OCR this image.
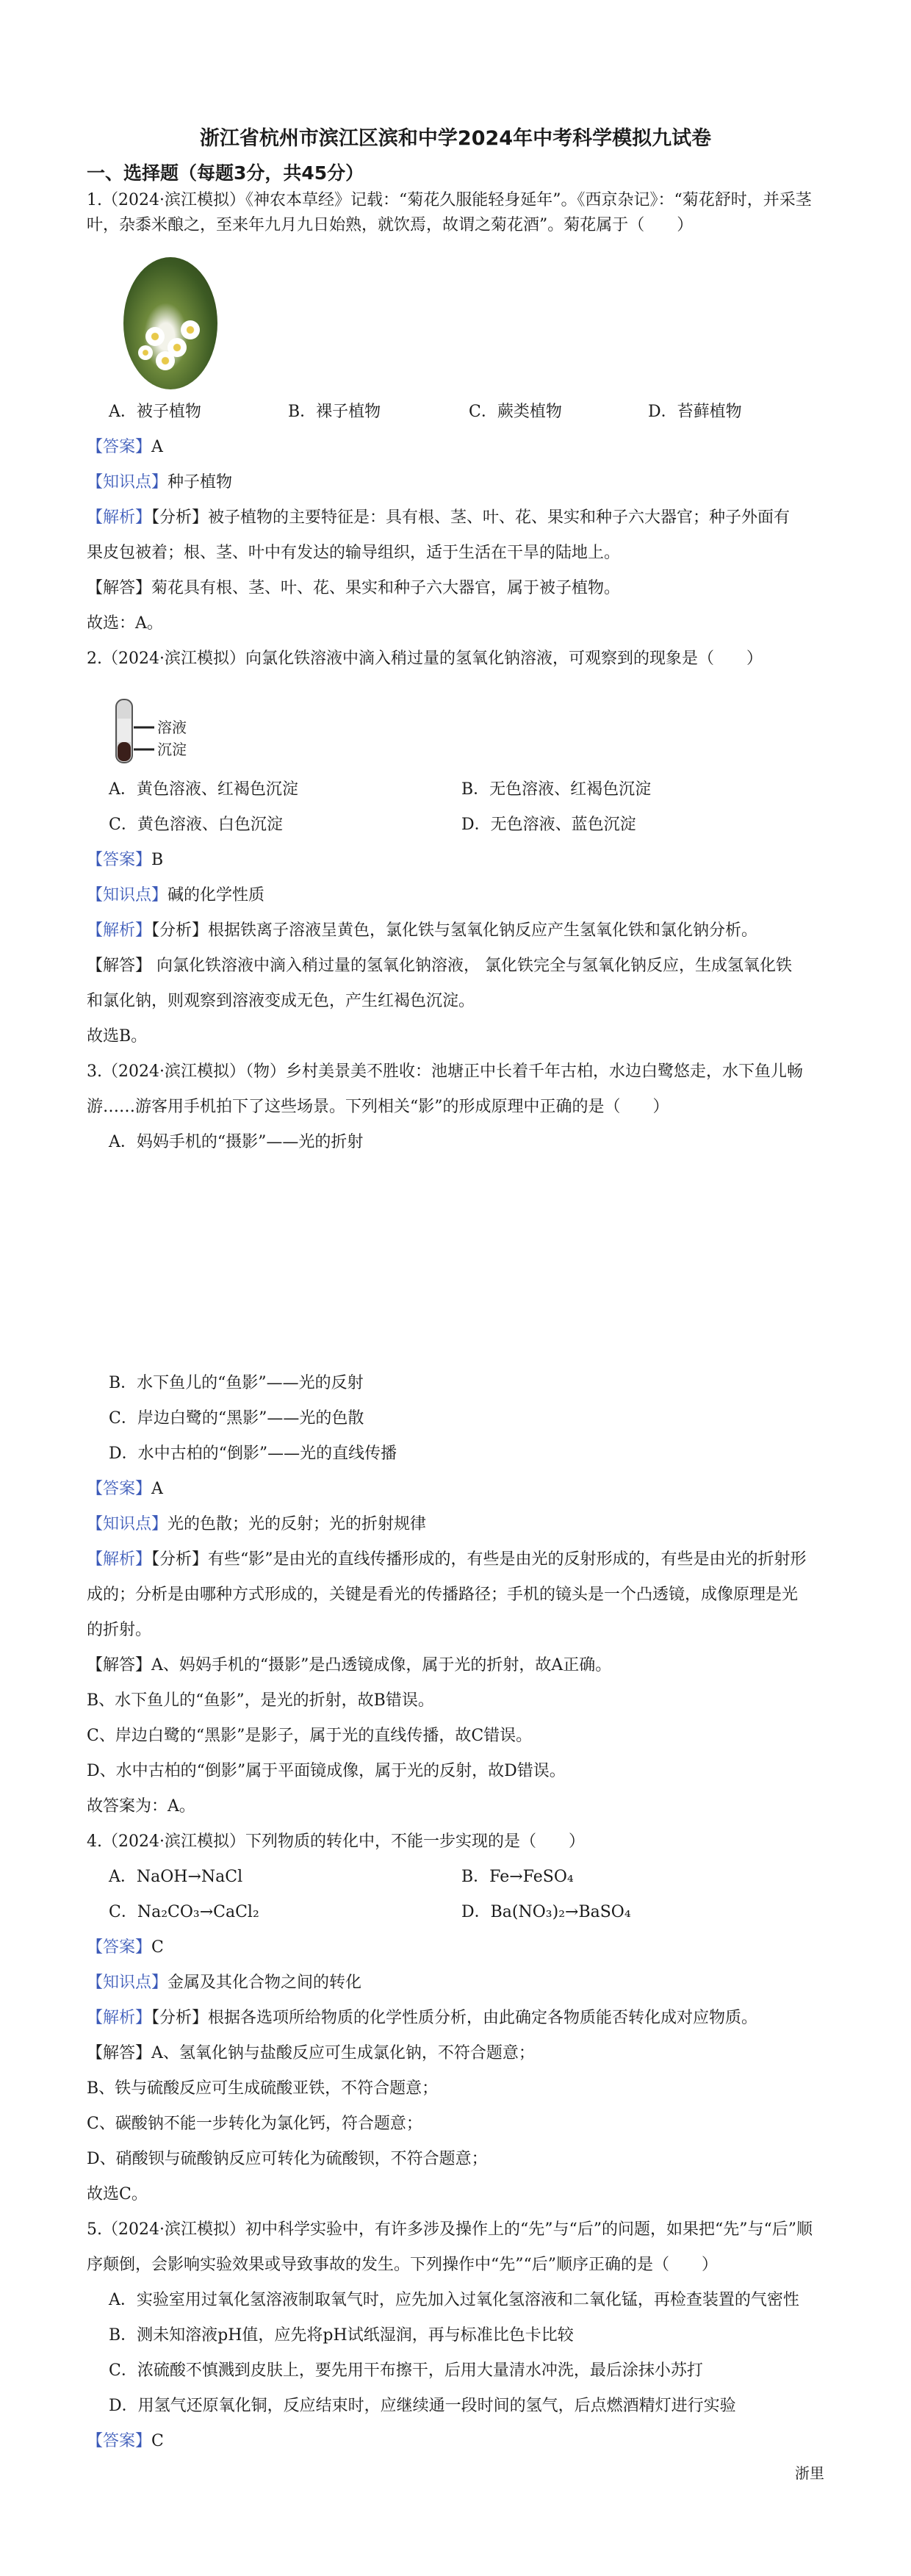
浙江省杭州市滨江区滨和中学2024年中考科学模拟九试卷
一、选择题（每题3分，共45分）
1.（2024·滨江模拟）《神农本草经》记载：“菊花久服能轻身延年”。《西京杂记》：“菊花舒时，并采茎
叶，杂黍米酿之，至来年九月九日始熟，就饮焉，故谓之菊花酒”。菊花属于（　　）
A．被子植物	B．裸子植物	C．蕨类植物	D．苔藓植物
【答案】A
【知识点】种子植物
【解析】【分析】被子植物的主要特征是：具有根、茎、叶、花、果实和种子六大器官；种子外面有
果皮包被着；根、茎、叶中有发达的输导组织，适于生活在干旱的陆地上。
【解答】菊花具有根、茎、叶、花、果实和种子六大器官，属于被子植物。
故选：A。
2.（2024·滨江模拟）向氯化铁溶液中滴入稍过量的氢氧化钠溶液，可观察到的现象是（　　）
溶液
沉淀
A．黄色溶液、红褐色沉淀	B．无色溶液、红褐色沉淀
C．黄色溶液、白色沉淀	D．无色溶液、蓝色沉淀
【答案】B
【知识点】碱的化学性质
【解析】【分析】根据铁离子溶液呈黄色，氯化铁与氢氧化钠反应产生氢氧化铁和氯化钠分析。
【解答】 向氯化铁溶液中滴入稍过量的氢氧化钠溶液， 氯化铁完全与氢氧化钠反应，生成氢氧化铁
和氯化钠，则观察到溶液变成无色，产生红褐色沉淀。
故选B。
3.（2024·滨江模拟）（物）乡村美景美不胜收：池塘正中长着千年古柏，水边白鹭悠走，水下鱼儿畅
游……游客用手机拍下了这些场景。下列相关“影”的形成原理中正确的是（　　）
A．妈妈手机的“摄影”——光的折射
B．水下鱼儿的“鱼影”——光的反射
C．岸边白鹭的“黑影”——光的色散
D．水中古柏的“倒影”——光的直线传播
【答案】A
【知识点】光的色散；光的反射；光的折射规律
【解析】【分析】有些“影”是由光的直线传播形成的，有些是由光的反射形成的，有些是由光的折射形
成的；分析是由哪种方式形成的，关键是看光的传播路径；手机的镜头是一个凸透镜，成像原理是光
的折射。
【解答】A、妈妈手机的“摄影”是凸透镜成像，属于光的折射，故A正确。
B、水下鱼儿的“鱼影”，是光的折射，故B错误。
C、岸边白鹭的“黑影”是影子，属于光的直线传播，故C错误。
D、水中古柏的“倒影”属于平面镜成像，属于光的反射，故D错误。
故答案为：A。
4.（2024·滨江模拟）下列物质的转化中，不能一步实现的是（　　）
A．NaOH→NaCl	B．Fe→FeSO₄
C．Na₂CO₃→CaCl₂	D．Ba(NO₃)₂→BaSO₄
【答案】C
【知识点】金属及其化合物之间的转化
【解析】【分析】根据各选项所给物质的化学性质分析，由此确定各物质能否转化成对应物质。
【解答】A、氢氧化钠与盐酸反应可生成氯化钠，不符合题意；
B、铁与硫酸反应可生成硫酸亚铁，不符合题意；
C、碳酸钠不能一步转化为氯化钙，符合题意；
D、硝酸钡与硫酸钠反应可转化为硫酸钡，不符合题意；
故选C。
5.（2024·滨江模拟）初中科学实验中，有许多涉及操作上的“先”与“后”的问题，如果把“先”与“后”顺
序颠倒，会影响实验效果或导致事故的发生。下列操作中“先”“后”顺序正确的是（　　）
A．实验室用过氧化氢溶液制取氧气时，应先加入过氧化氢溶液和二氧化锰，再检查装置的气密性
B．测未知溶液pH值，应先将pH试纸湿润，再与标准比色卡比较
C．浓硫酸不慎溅到皮肤上，要先用干布擦干，后用大量清水冲洗，最后涂抹小苏打
D．用氢气还原氧化铜，反应结束时，应继续通一段时间的氢气，后点燃酒精灯进行实验
【答案】C
浙里
